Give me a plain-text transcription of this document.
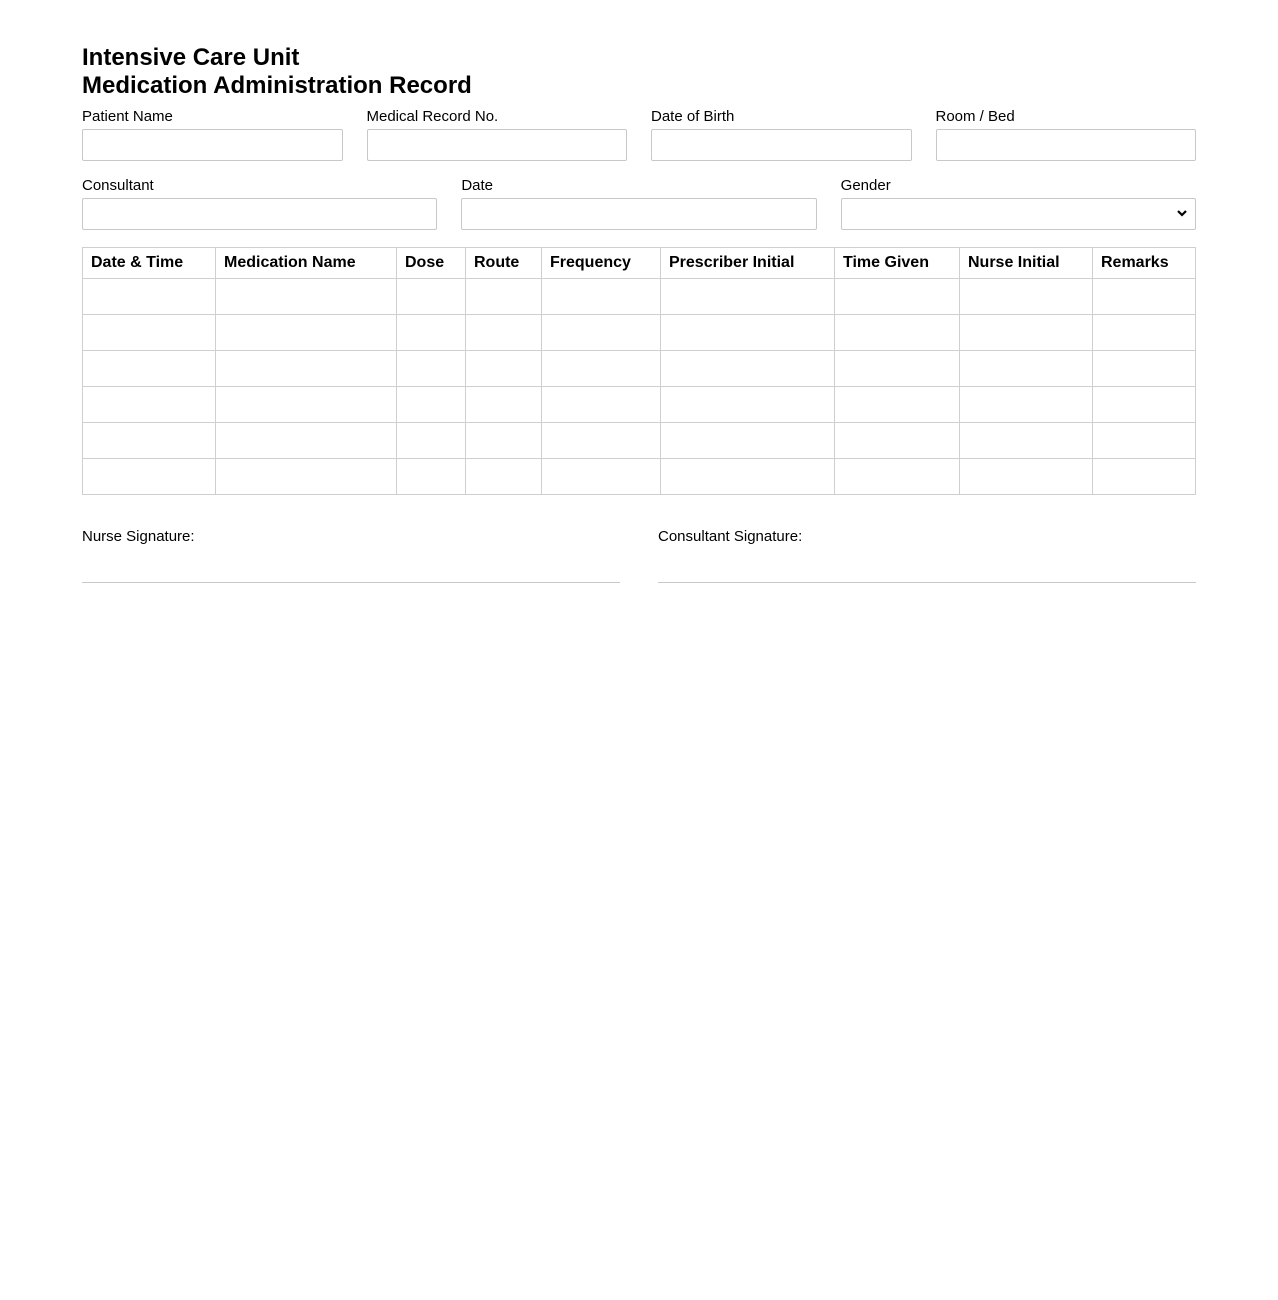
Intensive Care Unit
Medication Administration Record
Patient Name	Medical Record No.	Date of Birth	Room / Bed
Consultant	Date	Gender
Date & Time	Medication Name	Dose	Route	Frequency	Prescriber Initial	Time Given	Nurse Initial	Remarks

Nurse Signature:	Consultant Signature:
